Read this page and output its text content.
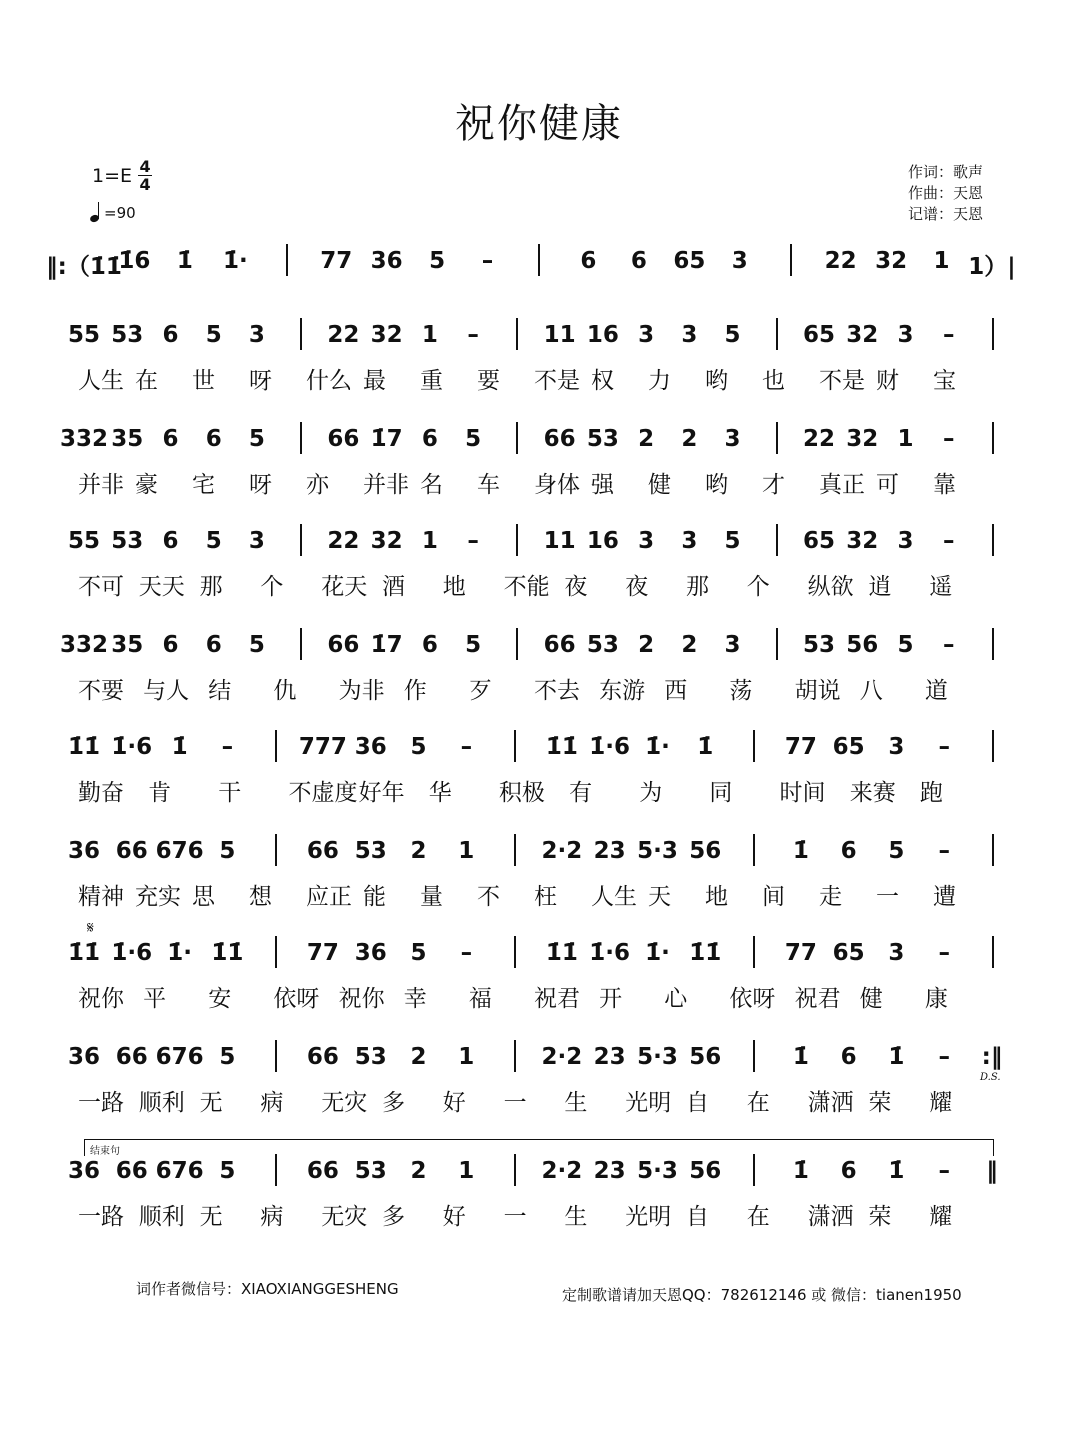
祝你健康
$1=E \frac{4}{4}$
=90
作词：歌声
作曲：天恩
记谱：天恩
‖:（1̇1̇
1̇6 1̇ 1̇·	77 36 5 –	6 6 65 3	22 32 1 1）|
55 53 6 5 3	22 32 1 –	11 16 3 3 5	65 32 3 –
人生 在 世 呀 什么 最 重 要 不是 权 力 哟 也 不是 财 宝
332 35 6 6 5	66 1̇7 6 5	66 53 2 2 3	22 32 1 –
并非 豪 宅 呀 亦 并非 名 车 身体 强 健 哟 才 真正 可 靠
55 53 6 5 3	22 32 1 –	11 16 3 3 5	65 32 3 –
不可 天天 那 个 花天 酒 地 不能 夜 夜 那 个 纵欲 逍 遥
332 35 6 6 5	66 1̇7 6 5	66 53 2 2 3	53 56 5 –
不要 与人 结 仇 为非 作 歹 不去 东游 西 荡 胡说 八 道
1̇1̇ 1̇·6 1̇ –	777 36 5 –	1̇1̇ 1̇·6 1̇· 1̇	77 65 3 –
勤奋 肯 干 不虚度 好年 华 积极 有 为 同 时间 来赛 跑
36 66 676 5	66 53 2 1	2·2 23 5·3 56	1̇ 6 5 –
精神 充实 思 想 应正 能 量 不 枉 人生 天 地 间 走 一 遭
1̇1̇ 1̇·6 1̇· 1̇1̇	77 36 5 –	1̇1̇ 1̇·6 1̇· 1̇1̇	77 65 3 –
祝你 平 安 依呀 祝你 幸 福 祝君 开 心 依呀 祝君 健 康
36 66 676 5	66 53 2 1	2·2 23 5·3 56	1̇ 6 1̇ – :‖
一路 顺利 无 病 无灾 多 好 一 生 光明 自 在 潇洒 荣 耀
36 66 676 5	66 53 2 1	2·2 23 5·3 56	1̇ 6 1̇ – ‖
一路 顺利 无 病 无灾 多 好 一 生 光明 自 在 潇洒 荣 耀
𝄋
D.S.
结束句
词作者微信号：XIAOXIANGGESHENG	定制歌谱请加天恩QQ：782612146 或 微信：tianen1950
